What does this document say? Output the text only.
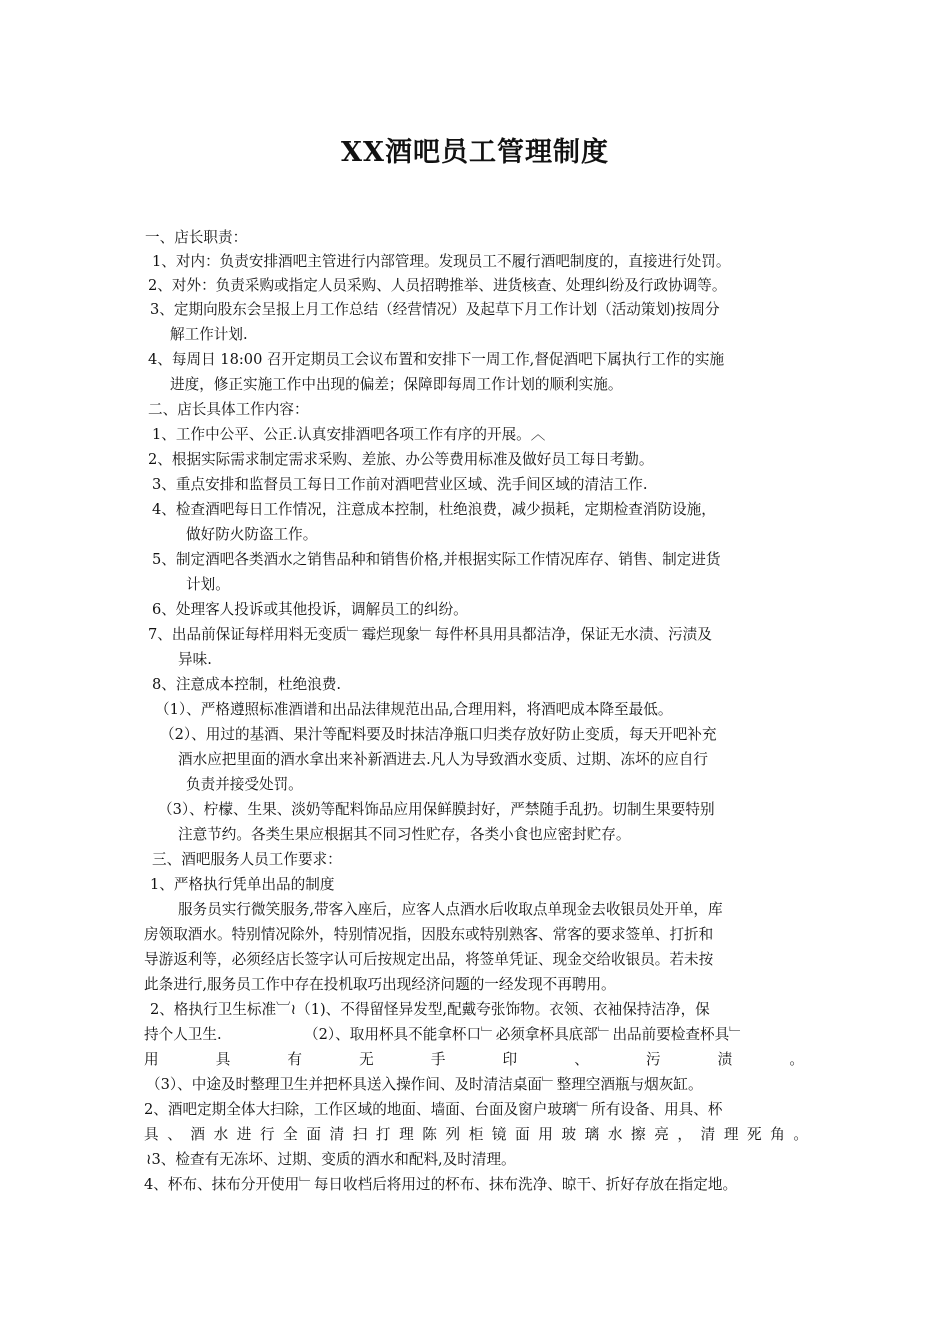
XX酒吧员工管理制度
一、店长职责：
1、对内：负责安排酒吧主管进行内部管理。发现员工不履行酒吧制度的，直接进行处罚。
2、对外：负责采购或指定人员采购、人员招聘推举、进货核查、处理纠纷及行政协调等。
3、定期向股东会呈报上月工作总结（经营情况）及起草下月工作计划（活动策划)按周分
解工作计划.
4、每周日 18:00 召开定期员工会议布置和安排下一周工作,督促酒吧下属执行工作的实施
进度，修正实施工作中出现的偏差；保障即每周工作计划的顺利实施。
二、店长具体工作内容：
1、工作中公平、公正.认真安排酒吧各项工作有序的开展。︿
2、根据实际需求制定需求采购、差旅、办公等费用标准及做好员工每日考勤。
3、重点安排和监督员工每日工作前对酒吧营业区域、洗手间区域的清洁工作.
4、检查酒吧每日工作情况，注意成本控制，杜绝浪费，减少损耗，定期检查消防设施，
做好防火防盗工作。
5、制定酒吧各类酒水之销售品种和销售价格,并根据实际工作情况库存、销售、制定进货
计划。
6、处理客人投诉或其他投诉，调解员工的纠纷。
7、出品前保证每样用料无变质﹂霉烂现象﹂每件杯具用具都洁净，保证无水渍、污渍及
异味.
8、注意成本控制，杜绝浪费.
（1）、严格遵照标准酒谱和出品法律规范出品,合理用料，将酒吧成本降至最低。
（2）、用过的基酒、果汁等配料要及时抹洁净瓶口归类存放好防止变质，每天开吧补充
酒水应把里面的酒水拿出来补新酒进去.凡人为导致酒水变质、过期、冻坏的应自行
负责并接受处罚。
（3）、柠檬、生果、淡奶等配料饰品应用保鲜膜封好，严禁随手乱扔。切制生果要特别
注意节约。各类生果应根据其不同习性贮存，各类小食也应密封贮存。
三、酒吧服务人员工作要求：
1、严格执行凭单出品的制度
服务员实行微笑服务,带客入座后，应客人点酒水后收取点单现金去收银员处开单，库
房领取酒水。特别情况除外，特别情况指，因股东或特别熟客、常客的要求签单、打折和
导游返利等，必须经店长签字认可后按规定出品，将签单凭证、现金交给收银员。若未按
此条进行,服务员工作中存在投机取巧出现经济问题的一经发现不再聘用。
2、格执行卫生标准︺≀（1)、不得留怪异发型,配戴夸张饰物。衣领、衣袖保持洁净，保
持个人卫生.	（2）、取用杯具不能拿杯口﹂必须拿杯具底部﹂出品前要检查杯具﹂
用 具 有 无 手 印 、 污 渍 。
（3）、中途及时整理卫生并把杯具送入操作间、及时清洁桌面﹂整理空酒瓶与烟灰缸。
2、酒吧定期全体大扫除，工作区域的地面、墙面、台面及窗户玻璃﹂所有设备、用具、杯
具 、 酒 水 进 行 全 面 清 扫 打 理 陈 列 柜 镜 面 用 玻 璃 水 擦 亮 ， 清 理 死 角 。
≀3、检查有无冻坏、过期、变质的酒水和配料,及时清理。
4、杯布、抹布分开使用﹂每日收档后将用过的杯布、抹布洗净、晾干、折好存放在指定地。
